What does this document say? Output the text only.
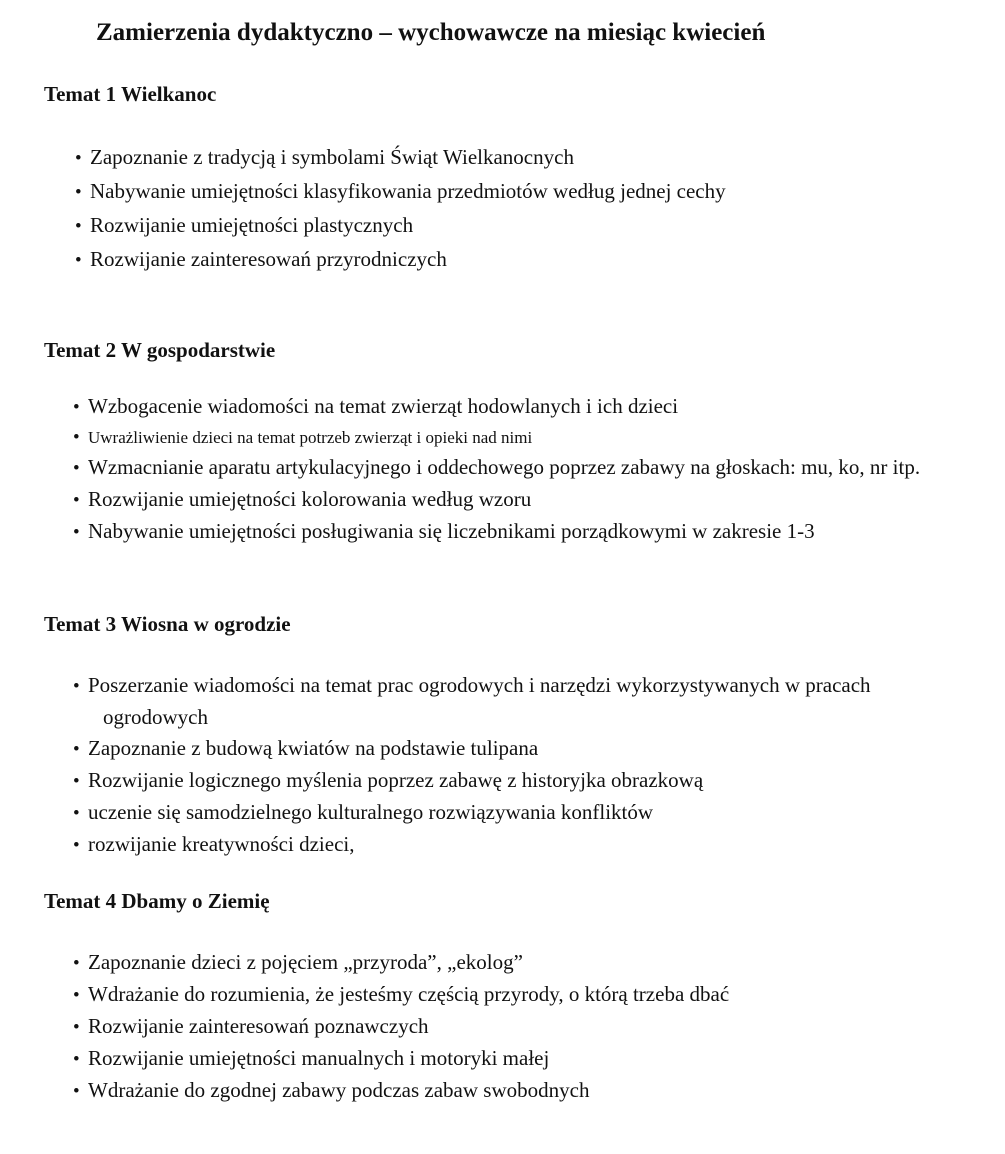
Zamierzenia dydaktyczno – wychowawcze na miesiąc kwiecień
Temat 1 Wielkanoc
• Zapoznanie z tradycją i symbolami Świąt Wielkanocnych
• Nabywanie umiejętności klasyfikowania przedmiotów według jednej cechy
• Rozwijanie umiejętności plastycznych
• Rozwijanie zainteresowań przyrodniczych
Temat 2 W gospodarstwie
• Wzbogacenie wiadomości na temat zwierząt hodowlanych i ich dzieci
• Uwrażliwienie dzieci na temat potrzeb zwierząt i opieki nad nimi
• Wzmacnianie aparatu artykulacyjnego i oddechowego poprzez zabawy na głoskach: mu, ko, nr itp.
• Rozwijanie umiejętności kolorowania według wzoru
• Nabywanie umiejętności posługiwania się liczebnikami porządkowymi w zakresie 1-3
Temat 3 Wiosna w ogrodzie
• Poszerzanie wiadomości na temat prac ogrodowych i narzędzi wykorzystywanych w pracach ogrodowych
• Zapoznanie z budową kwiatów na podstawie tulipana
• Rozwijanie logicznego myślenia poprzez zabawę z historyjka obrazkową
• uczenie się samodzielnego kulturalnego rozwiązywania konfliktów
• rozwijanie kreatywności dzieci,
Temat 4 Dbamy o Ziemię
• Zapoznanie dzieci z pojęciem „przyroda”, „ekolog”
• Wdrażanie do rozumienia, że jesteśmy częścią przyrody, o którą trzeba dbać
• Rozwijanie zainteresowań poznawczych
• Rozwijanie umiejętności manualnych i motoryki małej
• Wdrażanie do zgodnej zabawy podczas zabaw swobodnych
